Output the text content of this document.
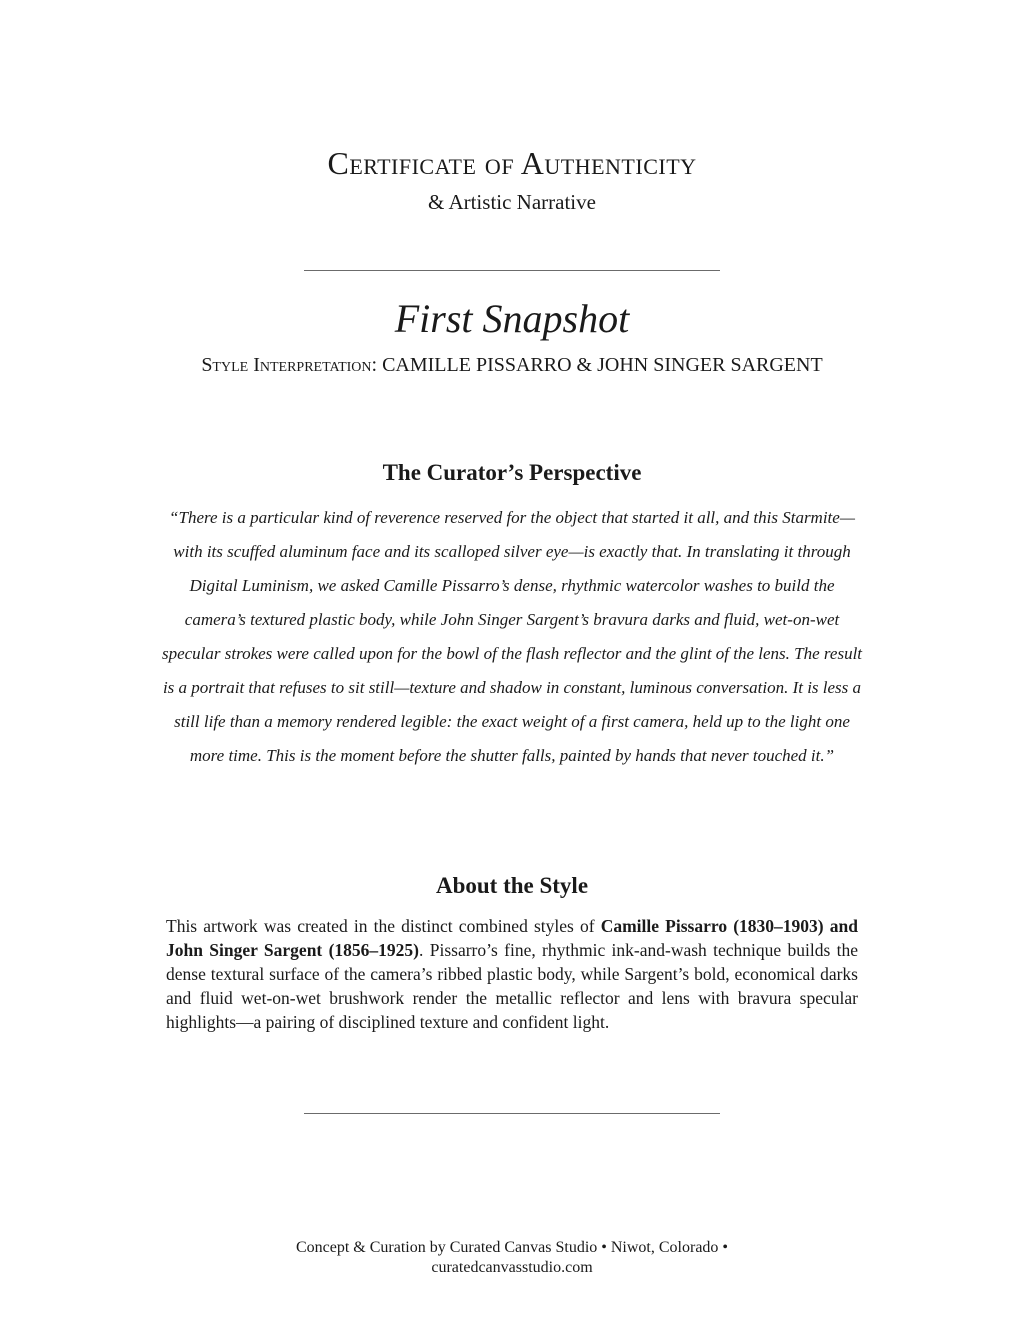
Certificate of Authenticity
& Artistic Narrative
First Snapshot
Style Interpretation: CAMILLE PISSARRO & JOHN SINGER SARGENT
The Curator’s Perspective
“There is a particular kind of reverence reserved for the object that started it all, and this Starmite—with its scuffed aluminum face and its scalloped silver eye—is exactly that. In translating it through Digital Luminism, we asked Camille Pissarro’s dense, rhythmic watercolor washes to build the camera’s textured plastic body, while John Singer Sargent’s bravura darks and fluid, wet-on-wet specular strokes were called upon for the bowl of the flash reflector and the glint of the lens. The result is a portrait that refuses to sit still—texture and shadow in constant, luminous conversation. It is less a still life than a memory rendered legible: the exact weight of a first camera, held up to the light one more time. This is the moment before the shutter falls, painted by hands that never touched it.”
About the Style
This artwork was created in the distinct combined styles of Camille Pissarro (1830–1903) and John Singer Sargent (1856–1925). Pissarro’s fine, rhythmic ink-and-wash technique builds the dense textural surface of the camera’s ribbed plastic body, while Sargent’s bold, economical darks and fluid wet-on-wet brushwork render the metallic reflector and lens with bravura specular highlights—a pairing of disciplined texture and confident light.
Concept & Curation by Curated Canvas Studio • Niwot, Colorado •
curatedcanvasstudio.com
